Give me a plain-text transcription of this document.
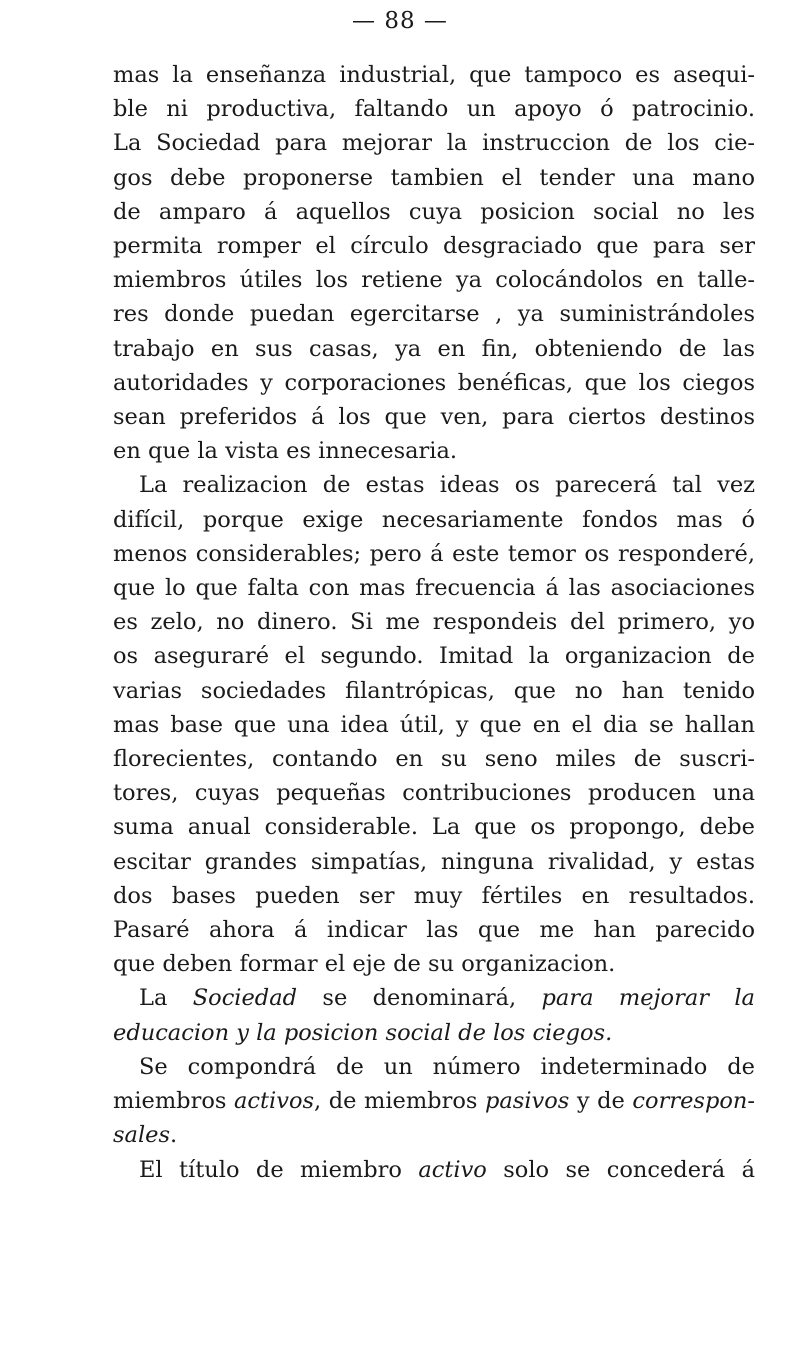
— 88 —
mas la enseñanza industrial, que tampoco es asequi-
ble ni productiva, faltando un apoyo ó patrocinio.
La Sociedad para mejorar la instruccion de los cie-
gos debe proponerse tambien el tender una mano
de amparo á aquellos cuya posicion social no les
permita romper el círculo desgraciado que para ser
miembros útiles los retiene ya colocándolos en talle-
res donde puedan egercitarse , ya suministrándoles
trabajo en sus casas, ya en fin, obteniendo de las
autoridades y corporaciones benéficas, que los ciegos
sean preferidos á los que ven, para ciertos destinos
en que la vista es innecesaria.
La realizacion de estas ideas os parecerá tal vez
difícil, porque exige necesariamente fondos mas ó
menos considerables; pero á este temor os responderé,
que lo que falta con mas frecuencia á las asociaciones
es zelo, no dinero. Si me respondeis del primero, yo
os aseguraré el segundo. Imitad la organizacion de
varias sociedades filantrópicas, que no han tenido
mas base que una idea útil, y que en el dia se hallan
florecientes, contando en su seno miles de suscri-
tores, cuyas pequeñas contribuciones producen una
suma anual considerable. La que os propongo, debe
escitar grandes simpatías, ninguna rivalidad, y estas
dos bases pueden ser muy fértiles en resultados.
Pasaré ahora á indicar las que me han parecido
que deben formar el eje de su organizacion.
La Sociedad se denominará, para mejorar la
educacion y la posicion social de los ciegos.
Se compondrá de un número indeterminado de
miembros activos, de miembros pasivos y de correspon-
sales.
El título de miembro activo solo se concederá á
